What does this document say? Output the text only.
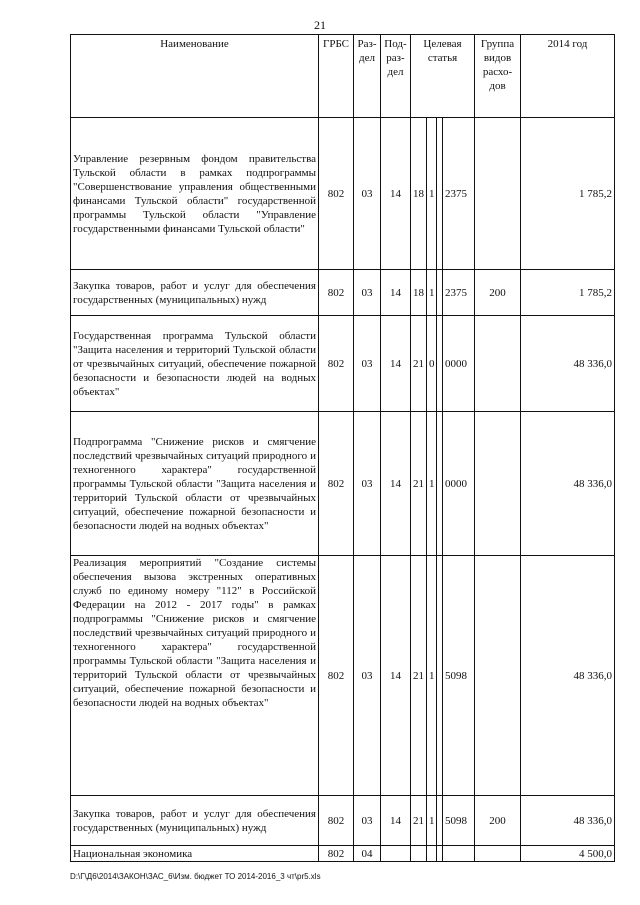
21
Наименование	ГРБС	Раз-дел	Под-раз-дел	Целевая статья				Группа видов расхо-дов	2014 год
Управление резервным фондом правительства Тульской области в рамках подпрограммы "Совершенствование управления общественными финансами Тульской области" государственной программы Тульской области "Управление государственными финансами Тульской области"	802	03	14	18	1		2375		1 785,2
Закупка товаров, работ и услуг для обеспечения государственных (муниципальных) нужд	802	03	14	18	1		2375	200	1 785,2
Государственная программа Тульской области "Защита населения и территорий Тульской области от чрезвычайных ситуаций, обеспечение пожарной безопасности и безопасности людей на водных объектах"	802	03	14	21	0		0000		48 336,0
Подпрограмма "Снижение рисков и смягчение последствий чрезвычайных ситуаций природного и техногенного характера" государственной программы Тульской области "Защита населения и территорий Тульской области от чрезвычайных ситуаций, обеспечение пожарной безопасности и безопасности людей на водных объектах"	802	03	14	21	1		0000		48 336,0
Реализация мероприятий "Создание системы обеспечения вызова экстренных оперативных служб по единому номеру "112" в Российской Федерации на 2012 - 2017 годы" в рамках подпрограммы "Снижение рисков и смягчение последствий чрезвычайных ситуаций природного и техногенного характера" государственной программы Тульской области "Защита населения и территорий Тульской области от чрезвычайных ситуаций, обеспечение пожарной безопасности и безопасности людей на водных объектах"	802	03	14	21	1		5098		48 336,0
Закупка товаров, работ и услуг для обеспечения государственных (муниципальных) нужд	802	03	14	21	1		5098	200	48 336,0
Национальная экономика	802	04							4 500,0
D:\Г\Д6\2014\ЗАКОН\ЗАС_6\Изм. бюджет ТО 2014-2016_3 чт\pr5.xls
